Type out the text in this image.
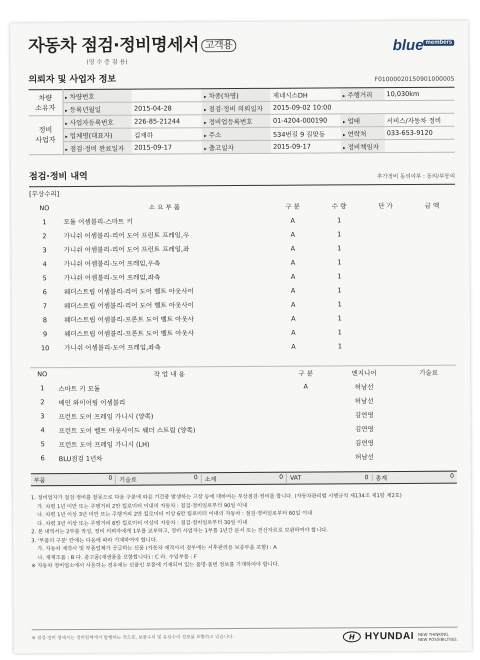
자동차 점검·정비명세서 고객용	blue $^{members}$
(영 수 증 겸 용)
의뢰자 및 사업자 정보	F01000020150901000005
차량
소유자	▸ 차량번호		▸ 차종(차명)	제네시스DH	▸ 주행거리	10,030km
	▸ 등록년월일	2015-04-28	▸ 점검·정비 의뢰일자	2015-09-02 10:00		
정비
사업자	▸ 사업자등록번호	226-85-21244	▸ 정비업등록번호	01-4204-000190	▸ 업태	서비스/자동차 정비
	▸ 업체명(대표자)	김재하	▸ 주소	534번길 9 길맞동	▸ 연락처	033-653-9120
	▸ 점검·정비 완료일자	2015-09-17	▸ 출고일자	2015-09-17	▸ 정비책임자	
점검·정비 내역	추가정비 동의여부 : 동의/부동의
[무상수리]					
NO	소 요 부 품	구 분	수 량	단 가	금 액
1	모듈 어셈블리-스마트 키	A	1		
2	가니쉬 어셈블리-리어 도어 프런트 프레임,우	A	1		
3	가니쉬 어셈블리-리어 도어 프런트 프레임,좌	A	1		
4	가니쉬 어셈블리-도어 프레임,우측	A	1		
5	가니쉬 어셈블리-도어 프레임,좌측	A	1		
6	웨더스트립 어셈블리-리어 도어 벨트 아웃사이	A	1		
7	웨더스트립 어셈블리-리어 도어 벨트 아웃사이	A	1		
8	웨더스트립 어셈블리-프론트 도어 벨트 아웃사	A	1		
9	웨더스트립 어셈블리-프론트 도어 벨트 아웃사	A	1		
10	가니쉬 어셈블리-도어 프레임,좌측	A	1		
NO	작 업 내 용	구 분	엔지니어	기술료
1	스마트 키 모듈	A	허남선	
2	메인 와이어링 어셈블리		허남선	
3	프런트 도어 프레임 가니시 (양쪽)		김연영	
4	프런트 도어 벨트 아웃사이드 웨더 스트립 (양쪽)		김연영	
5	프런트 도어 프레임 가니시 (LH)		김연영	
6	BLU점검 1년차		허남선	
부품	0 기술료	0 소계	0 VAT	0 총계	0

1. 정비업자가 점검·정비를 잘못으로 다음 구분에 따른 기간중 발생하는 고장 등에 대하여는 무상점검·정비를 합니다. (자동차관리법 시행규칙 제134조 제1항 제2호)

가. 차령 1년 미만 또는 주행거리 2만 킬로미터 이내의 자동차 : 점검·정비일로부터 90일 이내

나. 차령 1년 이상 3년 미만 또는 주행거리 2만 킬로미터 이상 6만 킬로미터 이내의 자동차 : 점검·정비일로부터 60일 이내

다. 차령 3년 이상 또는 주행거리 6만 킬로미터 이상의 자동차 : 점검·정비일로부터 30일 이내

2. 본 내역서는 2부를 작성, 정비 의뢰자에게 1부를 교부하고, 정비 사업자는 1부를 1년간 문서 또는 전산자료로 보관하여야 합니다.

3. '부품의 구분' 란에는 다음에 따라 기재하여야 합니다.

가. 자동차 제작사 및 부품업체가 공급하는 신품 (자동차 제작사의 경우에는 서후관리용 보증부품 포함) : A

나. 재제조품 : B 다. 중고품(재생품을 포함합니다) : C 라. 수입부품 : F

※ 자동차 정비업소에서 사용하는 경우에는 신품인 부품에 기재되어 있는 품명·품번 정보를 기재하여야 합니다.

※ 점검·정비 명세서는 정비업체에서 발행하는 것으로, 보증수리 및 유상수리 정보를 포함하고 있습니다.	H	HYUNDAI NEW THINKING.
NEW POSSIBILITIES.
